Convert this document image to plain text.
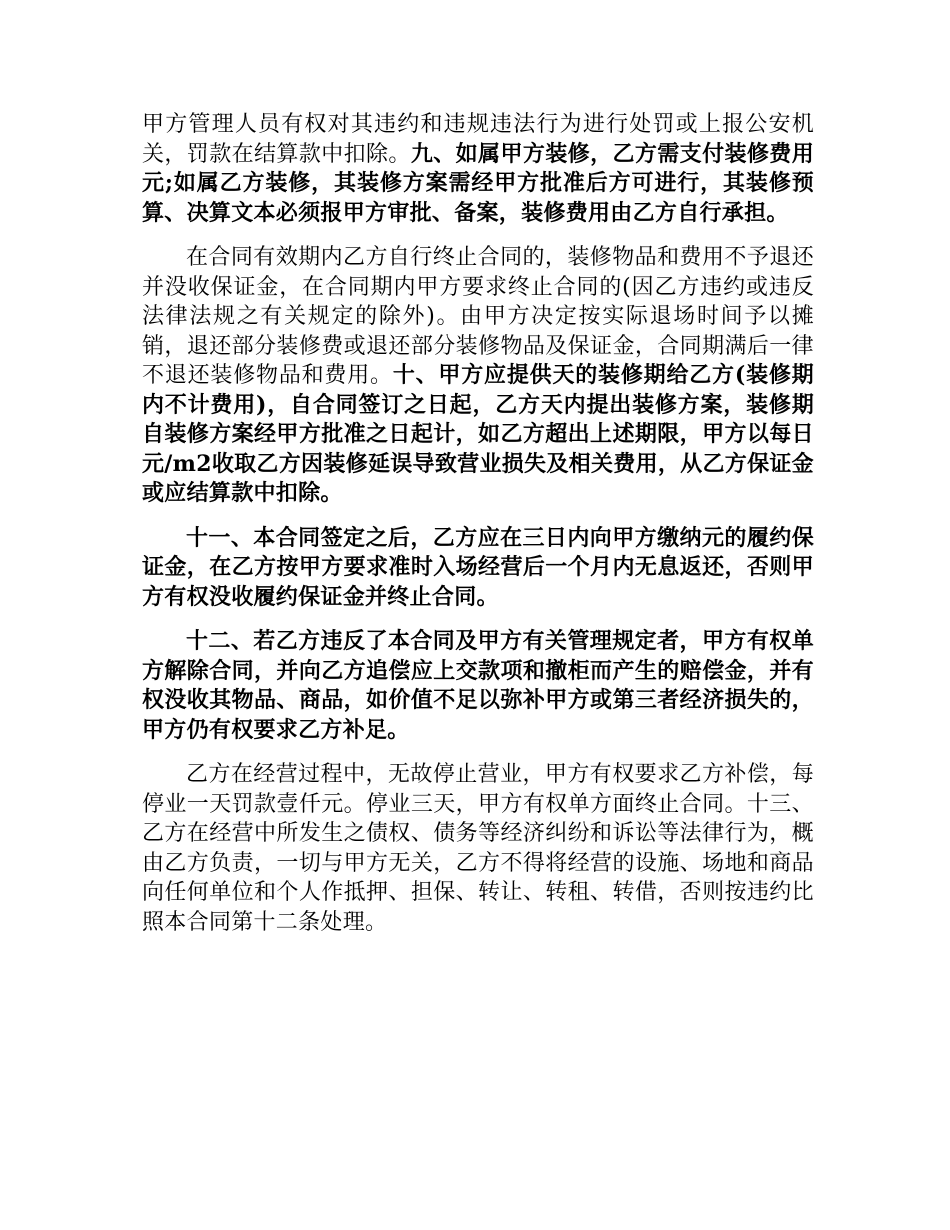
甲方管理人员有权对其违约和违规违法行为进行处罚或上报公安机关，罚款在结算款中扣除。九、如属甲方装修，乙方需支付装修费用元;如属乙方装修，其装修方案需经甲方批准后方可进行，其装修预算、决算文本必须报甲方审批、备案，装修费用由乙方自行承担。

在合同有效期内乙方自行终止合同的，装修物品和费用不予退还并没收保证金，在合同期内甲方要求终止合同的(因乙方违约或违反法律法规之有关规定的除外)。由甲方决定按实际退场时间予以摊销，退还部分装修费或退还部分装修物品及保证金，合同期满后一律不退还装修物品和费用。十、甲方应提供天的装修期给乙方(装修期内不计费用)，自合同签订之日起，乙方天内提出装修方案，装修期自装修方案经甲方批准之日起计，如乙方超出上述期限，甲方以每日元/m2收取乙方因装修延误导致营业损失及相关费用，从乙方保证金或应结算款中扣除。

十一、本合同签定之后，乙方应在三日内向甲方缴纳元的履约保证金，在乙方按甲方要求准时入场经营后一个月内无息返还，否则甲方有权没收履约保证金并终止合同。

十二、若乙方违反了本合同及甲方有关管理规定者，甲方有权单方解除合同，并向乙方追偿应上交款项和撤柜而产生的赔偿金，并有权没收其物品、商品，如价值不足以弥补甲方或第三者经济损失的，甲方仍有权要求乙方补足。

乙方在经营过程中，无故停止营业，甲方有权要求乙方补偿，每停业一天罚款壹仟元。停业三天，甲方有权单方面终止合同。十三、乙方在经营中所发生之债权、债务等经济纠纷和诉讼等法律行为，概由乙方负责，一切与甲方无关，乙方不得将经营的设施、场地和商品向任何单位和个人作抵押、担保、转让、转租、转借，否则按违约比照本合同第十二条处理。
